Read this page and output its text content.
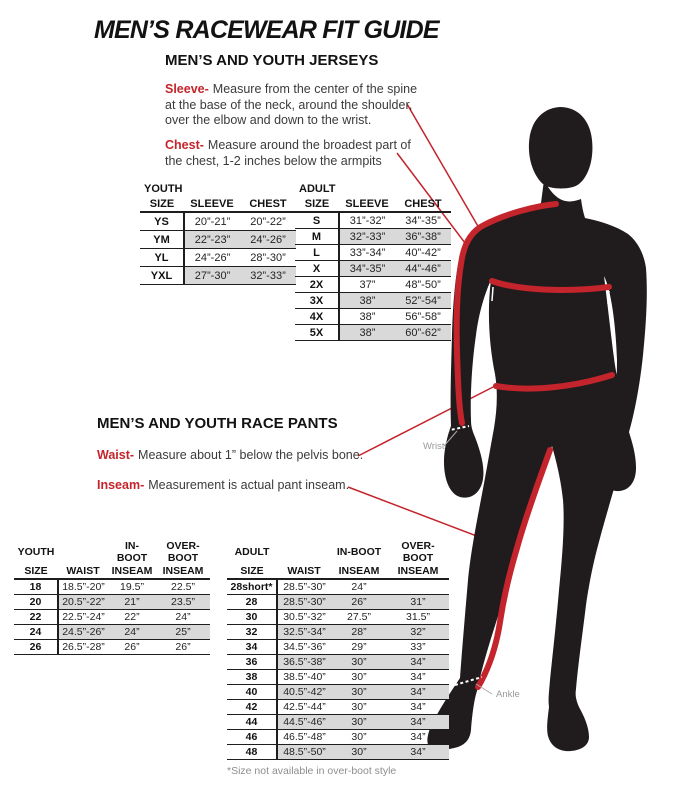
MEN’S RACEWEAR FIT GUIDE
MEN’S AND YOUTH JERSEYS
Sleeve- Measure from the center of the spine at the base of the neck, around the shoulder, over the elbow and down to the wrist.
Chest- Measure around the broadest part of the chest, 1-2 inches below the armpits
YOUTH
SIZE	SLEEVE	CHEST
YS	20”-21”	20”-22”
YM	22”-23”	24”-26”
YL	24”-26”	28”-30”
YXL	27”-30”	32”-33”
ADULT
SIZE	SLEEVE	CHEST
S	31”-32”	34”-35”
M	32”-33”	36”-38”
L	33”-34”	40”-42”
X	34”-35”	44”-46”
2X	37”	48”-50”
3X	38”	52”-54”
4X	38”	56”-58”
5X	38”	60”-62”
MEN’S AND YOUTH RACE PANTS
Waist- Measure about 1” below the pelvis bone.
Inseam- Measurement is actual pant inseam.
YOUTH		IN-BOOT	OVER-BOOT
SIZE	WAIST	INSEAM	INSEAM
18	18.5”-20”	19.5”	22.5”
20	20.5”-22”	21”	23.5”
22	22.5”-24”	22”	24”
24	24.5”-26”	24”	25”
26	26.5”-28”	26”	26”
ADULT		IN-BOOT	OVER-BOOT
SIZE	WAIST	INSEAM	INSEAM
28short*	28.5”-30”	24”	
28	28.5”-30”	26”	31”
30	30.5”-32”	27.5”	31.5”
32	32.5”-34”	28”	32”
34	34.5”-36”	29”	33”
36	36.5”-38”	30”	34”
38	38.5”-40”	30”	34”
40	40.5”-42”	30”	34”
42	42.5”-44”	30”	34”
44	44.5”-46”	30”	34”
46	46.5”-48”	30”	34”
48	48.5”-50”	30”	34”
*Size not available in over-boot style
Wrist
Ankle
